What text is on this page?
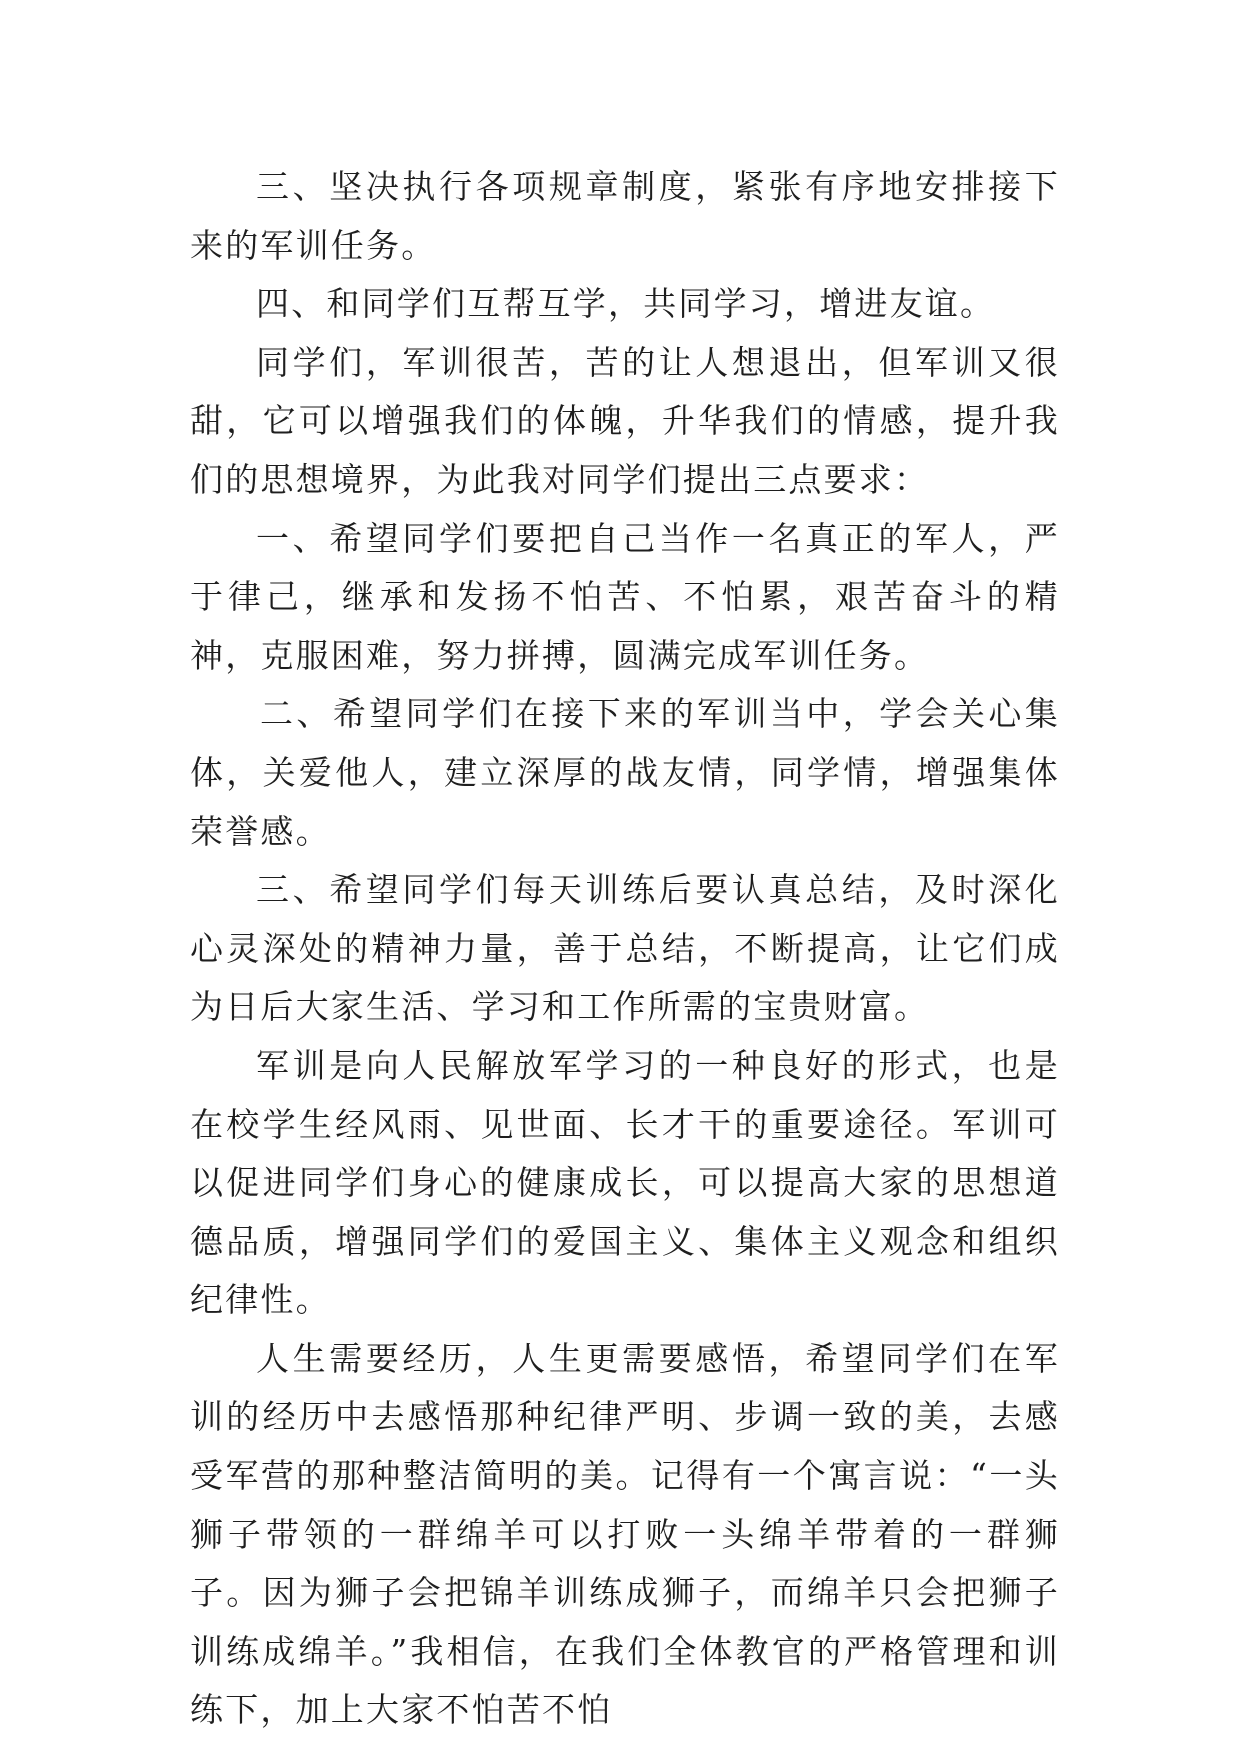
三、坚决执行各项规章制度，紧张有序地安排接下来的军训任务。

四、和同学们互帮互学，共同学习，增进友谊。

同学们，军训很苦，苦的让人想退出，但军训又很甜，它可以增强我们的体魄，升华我们的情感，提升我们的思想境界，为此我对同学们提出三点要求：

一、希望同学们要把自己当作一名真正的军人，严于律己，继承和发扬不怕苦、不怕累，艰苦奋斗的精神，克服困难，努力拼搏，圆满完成军训任务。

二、希望同学们在接下来的军训当中，学会关心集体，关爱他人，建立深厚的战友情，同学情，增强集体荣誉感。

三、希望同学们每天训练后要认真总结，及时深化心灵深处的精神力量，善于总结，不断提高，让它们成为日后大家生活、学习和工作所需的宝贵财富。

军训是向人民解放军学习的一种良好的形式，也是在校学生经风雨、见世面、长才干的重要途径。军训可以促进同学们身心的健康成长，可以提高大家的思想道德品质，增强同学们的爱国主义、集体主义观念和组织纪律性。

人生需要经历，人生更需要感悟，希望同学们在军训的经历中去感悟那种纪律严明、步调一致的美，去感受军营的那种整洁简明的美。记得有一个寓言说：“一头狮子带领的一群绵羊可以打败一头绵羊带着的一群狮子。因为狮子会把锦羊训练成狮子，而绵羊只会把狮子训练成绵羊。”我相信，在我们全体教官的严格管理和训练下，加上大家不怕苦不怕
